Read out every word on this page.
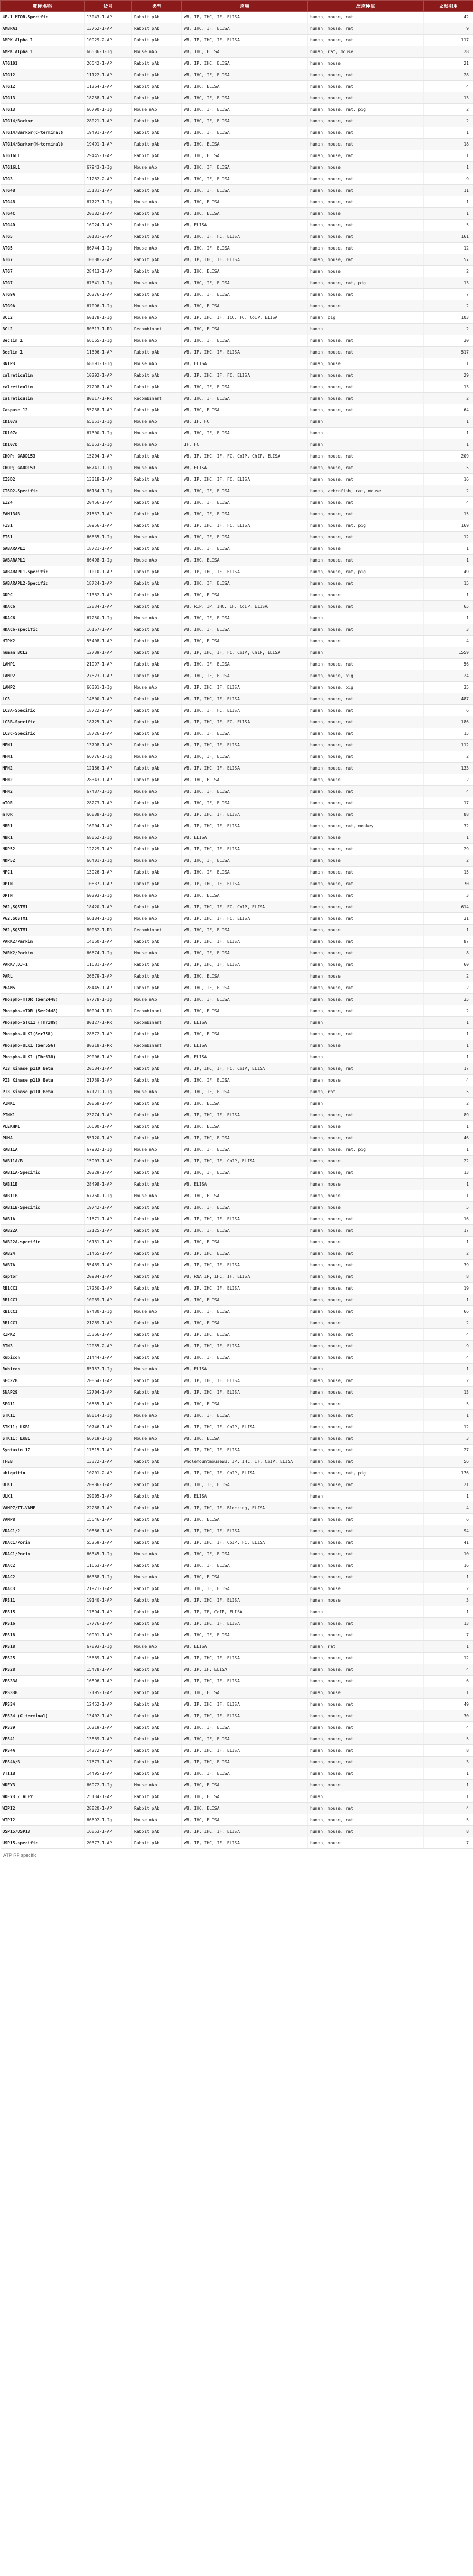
靶标名称	货号	类型	应用	反应种属	文献引用
4E-1 MTOR-Specific	13043-1-AP	Rabbit pAb	WB, IP, IHC, IF, ELISA	human, mouse, rat	42
AMBRA1	13762-1-AP	Rabbit pAb	WB, IHC, IF, ELISA	human, mouse, rat	9
AMPK Alpha 1	10929-2-AP	Rabbit pAb	WB, IP, IHC, IF, ELISA	human, mouse, rat	117
AMPK Alpha 1	66536-1-Ig	Mouse mAb	WB, IHC, ELISA	human, rat, mouse	28
ATG101	26542-1-AP	Rabbit pAb	WB, IP, IHC, ELISA	human, mouse	21
ATG12	11122-1-AP	Rabbit pAb	WB, IHC, IF, ELISA	human, mouse, rat	28
ATG12	11264-1-AP	Rabbit pAb	WB, IHC, ELISA	human, mouse, rat	4
ATG13	18258-1-AP	Rabbit pAb	WB, IHC, IF, ELISA	human, mouse, rat	13
ATG13	66790-1-Ig	Mouse mAb	WB, IHC, IF, ELISA	human, mouse, rat, pig	2
ATG14/Barkor	28021-1-AP	Rabbit pAb	WB, IHC, IF, ELISA	human, mouse, rat	2
ATG14/Barkor(C-terminal)	19491-1-AP	Rabbit pAb	WB, IHC, IF, ELISA	human, mouse, rat	1
ATG14/Barkor(N-terminal)	19491-1-AP	Rabbit pAb	WB, IHC, ELISA	human, mouse, rat	18
ATG16L1	29445-1-AP	Rabbit pAb	WB, IHC, ELISA	human, mouse, rat	1
ATG16L1	67943-1-Ig	Mouse mAb	WB, IHC, IF, ELISA	human, mouse	1
ATG3	11262-2-AP	Rabbit pAb	WB, IHC, IF, ELISA	human, mouse, rat	9
ATG4B	15131-1-AP	Rabbit pAb	WB, IHC, IF, ELISA	human, mouse, rat	11
ATG4B	67727-1-Ig	Mouse mAb	WB, IHC, ELISA	human, mouse, rat	1
ATG4C	20382-1-AP	Rabbit pAb	WB, IHC, ELISA	human, mouse	1
ATG4D	16924-1-AP	Rabbit pAb	WB, ELISA	human, mouse, rat	5
ATG5	10181-2-AP	Rabbit pAb	WB, IHC, IF, FC, ELISA	human, mouse, rat	161
ATG5	66744-1-Ig	Mouse mAb	WB, IHC, IF, ELISA	human, mouse, rat	12
ATG7	10088-2-AP	Rabbit pAb	WB, IP, IHC, IF, ELISA	human, mouse, rat	57
ATG7	28413-1-AP	Rabbit pAb	WB, IHC, ELISA	human, mouse	2
ATG7	67341-1-Ig	Mouse mAb	WB, IHC, IF, ELISA	human, mouse, rat, pig	13
ATG9A	26276-1-AP	Rabbit pAb	WB, IHC, IF, ELISA	human, mouse, rat	7
ATG9A	67096-1-Ig	Mouse mAb	WB, IHC, ELISA	human, mouse	2
BCL2	60178-1-Ig	Mouse mAb	WB, IP, IHC, IF, ICC, FC, CoIP, ELISA	human, pig	103
BCL2	80313-1-RR	Recombinant	WB, IHC, ELISA	human	2
Beclin 1	66665-1-Ig	Mouse mAb	WB, IHC, IF, ELISA	human, mouse, rat	30
Beclin 1	11306-1-AP	Rabbit pAb	WB, IP, IHC, IF, ELISA	human, mouse, rat	517
BNIP3	68091-1-Ig	Mouse mAb	WB, ELISA	human, mouse	1
calreticulin	10292-1-AP	Rabbit pAb	WB, IP, IHC, IF, FC, ELISA	human, mouse, rat	29
calreticulin	27298-1-AP	Rabbit pAb	WB, IHC, IF, ELISA	human, mouse, rat	13
calreticulin	80017-1-RR	Recombinant	WB, IHC, IF, ELISA	human, mouse, rat	2
Caspase 12	55238-1-AP	Rabbit pAb	WB, IHC, ELISA	human, mouse, rat	64
CD107a	65051-1-Ig	Mouse mAb	WB, IF, FC	human	1
CD107a	67300-1-Ig	Mouse mAb	WB, IHC, IF, ELISA	human	1
CD107b	65053-1-Ig	Mouse mAb	IF, FC	human	1
CHOP; GADD153	15204-1-AP	Rabbit pAb	WB, IP, IHC, IF, FC, CoIP, ChIP, ELISA	human, mouse, rat	209
CHOP; GADD153	66741-1-Ig	Mouse mAb	WB, ELISA	human, mouse, rat	5
CISD2	13318-1-AP	Rabbit pAb	WB, IP, IHC, IF, FC, ELISA	human, mouse, rat	16
CISD2-Specific	66134-1-Ig	Mouse mAb	WB, IHC, IF, ELISA	human, zebrafish, rat, mouse	2
EI24	20456-1-AP	Rabbit pAb	WB, IHC, IF, ELISA	human, mouse, rat	4
FAM134B	21537-1-AP	Rabbit pAb	WB, IHC, IF, ELISA	human, mouse, rat	15
FIS1	10956-1-AP	Rabbit pAb	WB, IP, IHC, IF, FC, ELISA	human, mouse, rat, pig	169
FIS1	66635-1-Ig	Mouse mAb	WB, IHC, IF, ELISA	human, mouse, rat	12
GABARAPL1	18721-1-AP	Rabbit pAb	WB, IHC, IF, ELISA	human, mouse	1
GABARAPL1	66498-1-Ig	Mouse mAb	WB, IHC, ELISA	human, mouse, rat	1
GABARAPL1-Specific	11010-1-AP	Rabbit pAb	WB, IP, IHC, IF, ELISA	human, mouse, rat, pig	49
GABARAPL2-Specific	18724-1-AP	Rabbit pAb	WB, IHC, IF, ELISA	human, mouse, rat	15
GDPC	11362-1-AP	Rabbit pAb	WB, IHC, ELISA	human, mouse	1
HDAC6	12834-1-AP	Rabbit pAb	WB, RIP, IP, IHC, IF, CoIP, ELISA	human, mouse, rat	65
HDAC6	67250-1-Ig	Mouse mAb	WB, IHC, IF, ELISA	human	1
HDAC6-specific	16167-1-AP	Rabbit pAb	WB, IHC, IF, ELISA	human, mouse, rat	3
HIPK2	55408-1-AP	Rabbit pAb	WB, IHC, ELISA	human, mouse	4
human BCL2	12789-1-AP	Rabbit pAb	WB, IP, IHC, IF, FC, CoIP, ChIP, ELISA	human	1559
LAMP1	21997-1-AP	Rabbit pAb	WB, IHC, IF, ELISA	human, mouse, rat	56
LAMP2	27823-1-AP	Rabbit pAb	WB, IHC, IF, ELISA	human, mouse, pig	24
LAMP2	66301-1-Ig	Mouse mAb	WB, IP, IHC, IF, ELISA	human, mouse, pig	35
LC3	14600-1-AP	Rabbit pAb	WB, IP, IHC, IF, ELISA	human, mouse, rat	487
LC3A-Specific	18722-1-AP	Rabbit pAb	WB, IHC, IF, FC, ELISA	human, mouse, rat	6
LC3B-Specific	18725-1-AP	Rabbit pAb	WB, IP, IHC, IF, FC, ELISA	human, mouse, rat	186
LC3C-Specific	18726-1-AP	Rabbit pAb	WB, IHC, IF, ELISA	human, mouse, rat	15
MFN1	13798-1-AP	Rabbit pAb	WB, IP, IHC, IF, ELISA	human, mouse, rat	112
MFN1	66776-1-Ig	Mouse mAb	WB, IHC, IF, ELISA	human, mouse, rat	2
MFN2	12186-1-AP	Rabbit pAb	WB, IP, IHC, IF, ELISA	human, mouse, rat	133
MFN2	28343-1-AP	Rabbit pAb	WB, IHC, ELISA	human, mouse	2
MFN2	67487-1-Ig	Mouse mAb	WB, IHC, IF, ELISA	human, mouse, rat	4
mTOR	28273-1-AP	Rabbit pAb	WB, IHC, IF, ELISA	human, mouse, rat	17
mTOR	66888-1-Ig	Mouse mAb	WB, IP, IHC, IF, ELISA	human, mouse, rat	88
NBR1	16004-1-AP	Rabbit pAb	WB, IP, IHC, IF, ELISA	human, mouse, rat, monkey	32
NBR1	68062-1-Ig	Mouse mAb	WB, ELISA	human, mouse	1
NDP52	12229-1-AP	Rabbit pAb	WB, IP, IHC, IF, ELISA	human, mouse, rat	29
NDP52	66401-1-Ig	Mouse mAb	WB, IHC, IF, ELISA	human, mouse	2
NPC1	13926-1-AP	Rabbit pAb	WB, IHC, IF, ELISA	human, mouse, rat	15
OPTN	10837-1-AP	Rabbit pAb	WB, IP, IHC, IF, ELISA	human, mouse, rat	70
OPTN	60293-1-Ig	Mouse mAb	WB, IHC, ELISA	human, mouse, rat	3
P62,SQSTM1	18420-1-AP	Rabbit pAb	WB, IP, IHC, IF, FC, CoIP, ELISA	human, mouse, rat	614
P62,SQSTM1	66184-1-Ig	Mouse mAb	WB, IP, IHC, IF, FC, ELISA	human, mouse, rat	31
P62,SQSTM1	80062-1-RR	Recombinant	WB, IHC, IF, ELISA	human, mouse	1
PARK2/Parkin	14060-1-AP	Rabbit pAb	WB, IP, IHC, IF, ELISA	human, mouse, rat	87
PARK2/Parkin	66674-1-Ig	Mouse mAb	WB, IHC, IF, ELISA	human, mouse, rat	8
PARK7,DJ-1	11681-1-AP	Rabbit pAb	WB, IP, IHC, IF, ELISA	human, mouse, rat	60
PARL	26679-1-AP	Rabbit pAb	WB, IHC, ELISA	human, mouse	2
PGAM5	28445-1-AP	Rabbit pAb	WB, IHC, IF, ELISA	human, mouse, rat	2
Phospho-mTOR (Ser2448)	67778-1-Ig	Mouse mAb	WB, IHC, IF, ELISA	human, mouse, rat	35
Phospho-mTOR (Ser2448)	80094-1-RR	Recombinant	WB, IHC, ELISA	human, mouse, rat	2
Phospho-STK11 (Thr189)	80127-1-RR	Recombinant	WB, ELISA	human	1
Phospho-ULK1(Ser758)	28672-1-AP	Rabbit pAb	WB, IHC, ELISA	human, mouse, rat	1
Phospho-ULK1 (Ser556)	80218-1-RR	Recombinant	WB, ELISA	human, mouse	1
Phospho-ULK1 (Thr638)	29006-1-AP	Rabbit pAb	WB, ELISA	human	1
PI3 Kinase p110 Beta	20584-1-AP	Rabbit pAb	WB, IP, IHC, IF, FC, CoIP, ELISA	human, mouse, rat	17
PI3 Kinase p110 Beta	21739-1-AP	Rabbit pAb	WB, IHC, IF, ELISA	human, mouse	4
PI3 Kinase p110 Beta	67121-1-Ig	Mouse mAb	WB, IHC, IF, ELISA	human, rat	5
PINK1	20868-1-AP	Rabbit pAb	WB, IHC, ELISA	human	2
PINK1	23274-1-AP	Rabbit pAb	WB, IP, IHC, IF, ELISA	human, mouse, rat	89
PLEKHM1	16600-1-AP	Rabbit pAb	WB, IHC, ELISA	human, mouse	1
PUMA	55120-1-AP	Rabbit pAb	WB, IP, IHC, ELISA	human, mouse, rat	46
RAB11A	67902-1-Ig	Mouse mAb	WB, IHC, IF, ELISA	human, mouse, rat, pig	1
RAB11A/B	15903-1-AP	Rabbit pAb	WB, IP, IHC, IF, CoIP, ELISA	human, mouse	22
RAB11A-Specific	20229-1-AP	Rabbit pAb	WB, IHC, IF, ELISA	human, mouse, rat	13
RAB11B	28498-1-AP	Rabbit pAb	WB, ELISA	human, mouse	1
RAB11B	67760-1-Ig	Mouse mAb	WB, IHC, ELISA	human, mouse	1
RAB11B-Specific	19742-1-AP	Rabbit pAb	WB, IHC, IF, ELISA	human, mouse	5
RAB1A	11671-1-AP	Rabbit pAb	WB, IP, IHC, IF, ELISA	human, mouse, rat	16
RAB22A	12125-1-AP	Rabbit pAb	WB, IHC, IF, ELISA	human, mouse, rat	17
RAB22A-specific	16181-1-AP	Rabbit pAb	WB, IHC, ELISA	human, mouse	1
RAB24	11465-1-AP	Rabbit pAb	WB, IP, IHC, ELISA	human, mouse, rat	2
RAB7A	55469-1-AP	Rabbit pAb	WB, IP, IHC, IF, ELISA	human, mouse, rat	39
Raptor	20984-1-AP	Rabbit pAb	WB, RNA IP, IHC, IF, ELISA	human, mouse, rat	8
RB1CC1	17250-1-AP	Rabbit pAb	WB, IP, IHC, IF, ELISA	human, mouse, rat	19
RB1CC1	10069-1-AP	Rabbit pAb	WB, IHC, ELISA	human, mouse, rat	1
RB1CC1	67480-1-Ig	Mouse mAb	WB, IHC, IF, ELISA	human, mouse, rat	66
RB1CC1	21269-1-AP	Rabbit pAb	WB, IHC, ELISA	human, mouse	2
RIPK2	15366-1-AP	Rabbit pAb	WB, IP, IHC, ELISA	human, mouse, rat	4
RTN3	12055-2-AP	Rabbit pAb	WB, IP, IHC, IF, ELISA	human, mouse, rat	9
Rubicon	21444-1-AP	Rabbit pAb	WB, IHC, IF, ELISA	human, mouse, rat	4
Rubicon	85157-1-Ig	Mouse mAb	WB, ELISA	human	1
SEC22B	20864-1-AP	Rabbit pAb	WB, IP, IHC, IF, ELISA	human, mouse, rat	2
SNAP29	12704-1-AP	Rabbit pAb	WB, IP, IHC, IF, ELISA	human, mouse, rat	13
SPG11	16555-1-AP	Rabbit pAb	WB, IHC, ELISA	human, mouse	5
STK11	68014-1-Ig	Mouse mAb	WB, IHC, IF, ELISA	human, mouse, rat	1
STK11; LKB1	10746-1-AP	Rabbit pAb	WB, IP, IHC, IF, CoIP, ELISA	human, mouse, rat	12
STK11; LKB1	66719-1-Ig	Mouse mAb	WB, IHC, ELISA	human, mouse, rat	3
Syntaxin 17	17815-1-AP	Rabbit pAb	WB, IP, IHC, IF, ELISA	human, mouse, rat	27
TFEB	13372-1-AP	Rabbit pAb	WholemountmouseWB, IP, IHC, IF, CoIP, ELISA	human, mouse, rat	56
ubiquitin	10201-2-AP	Rabbit pAb	WB, IP, IHC, IF, CoIP, ELISA	human, mouse, rat, pig	176
ULK1	20986-1-AP	Rabbit pAb	WB, IHC, IF, ELISA	human, mouse, rat	21
ULK1	29005-1-AP	Rabbit pAb	WB, ELISA	human	1
VAMP7/TI-VAMP	22268-1-AP	Rabbit pAb	WB, IP, IHC, IF, Blocking, ELISA	human, mouse, rat	4
VAMP8	15546-1-AP	Rabbit pAb	WB, IHC, ELISA	human, mouse, rat	6
VDAC1/2	10866-1-AP	Rabbit pAb	WB, IP, IHC, IF, ELISA	human, mouse, rat	94
VDAC1/Porin	55259-1-AP	Rabbit pAb	WB, IP, IHC, IF, CoIP, FC, ELISA	human, mouse, rat	41
VDAC1/Porin	66345-1-Ig	Mouse mAb	WB, IHC, IF, ELISA	human, mouse, rat	10
VDAC2	11663-1-AP	Rabbit pAb	WB, IHC, IF, ELISA	human, mouse, rat	16
VDAC2	66388-1-Ig	Mouse mAb	WB, IHC, ELISA	human, mouse, rat	1
VDAC3	21921-1-AP	Rabbit pAb	WB, IHC, IF, ELISA	human, mouse	2
VPS11	19140-1-AP	Rabbit pAb	WB, IP, IHC, IF, ELISA	human, mouse	3
VPS15	17894-1-AP	Rabbit pAb	WB, IP, IF, CoIP, ELISA	human	1
VPS16	17776-1-AP	Rabbit pAb	WB, IP, IHC, IF, ELISA	human, mouse, rat	13
VPS18	10901-1-AP	Rabbit pAb	WB, IHC, IF, ELISA	human, mouse, rat	7
VPS18	67893-1-Ig	Mouse mAb	WB, ELISA	human, rat	1
VPS25	15669-1-AP	Rabbit pAb	WB, IP, IHC, IF, ELISA	human, mouse, rat	12
VPS28	15478-1-AP	Rabbit pAb	WB, IP, IF, ELISA	human, mouse, rat	4
VPS33A	16896-1-AP	Rabbit pAb	WB, IP, IHC, IF, ELISA	human, mouse, rat	6
VPS33B	12195-1-AP	Rabbit pAb	WB, IHC, ELISA	human, mouse	1
VPS34	12452-1-AP	Rabbit pAb	WB, IP, IHC, IF, ELISA	human, mouse, rat	49
VPS34 (C terminal)	13402-1-AP	Rabbit pAb	WB, IP, IHC, IF, ELISA	human, mouse, rat	30
VPS39	16219-1-AP	Rabbit pAb	WB, IHC, IF, ELISA	human, mouse, rat	4
VPS41	13869-1-AP	Rabbit pAb	WB, IHC, IF, ELISA	human, mouse, rat	5
VPS4A	14272-1-AP	Rabbit pAb	WB, IP, IHC, IF, ELISA	human, mouse, rat	8
VPS4A/B	17673-1-AP	Rabbit pAb	WB, IP, IHC, ELISA	human, mouse, rat	3
VTI1B	14495-1-AP	Rabbit pAb	WB, IHC, IF, ELISA	human, mouse, rat	1
WDFY3	66972-1-Ig	Mouse mAb	WB, IHC, ELISA	human, mouse	1
WDFY3 / ALFY	25134-1-AP	Rabbit pAb	WB, IHC, ELISA	human	1
WIPI2	28820-1-AP	Rabbit pAb	WB, IHC, ELISA	human, mouse, rat	4
WIPI2	66692-1-Ig	Mouse mAb	WB, IHC, ELISA	human, mouse, rat	5
USP15/USP13	16853-1-AP	Rabbit pAb	WB, IP, IHC, IF, ELISA	human, mouse, rat	8
USP15-specific	20377-1-AP	Rabbit pAb	WB, IP, IHC, IF, ELISA	human, mouse	7
ATP RF specific
